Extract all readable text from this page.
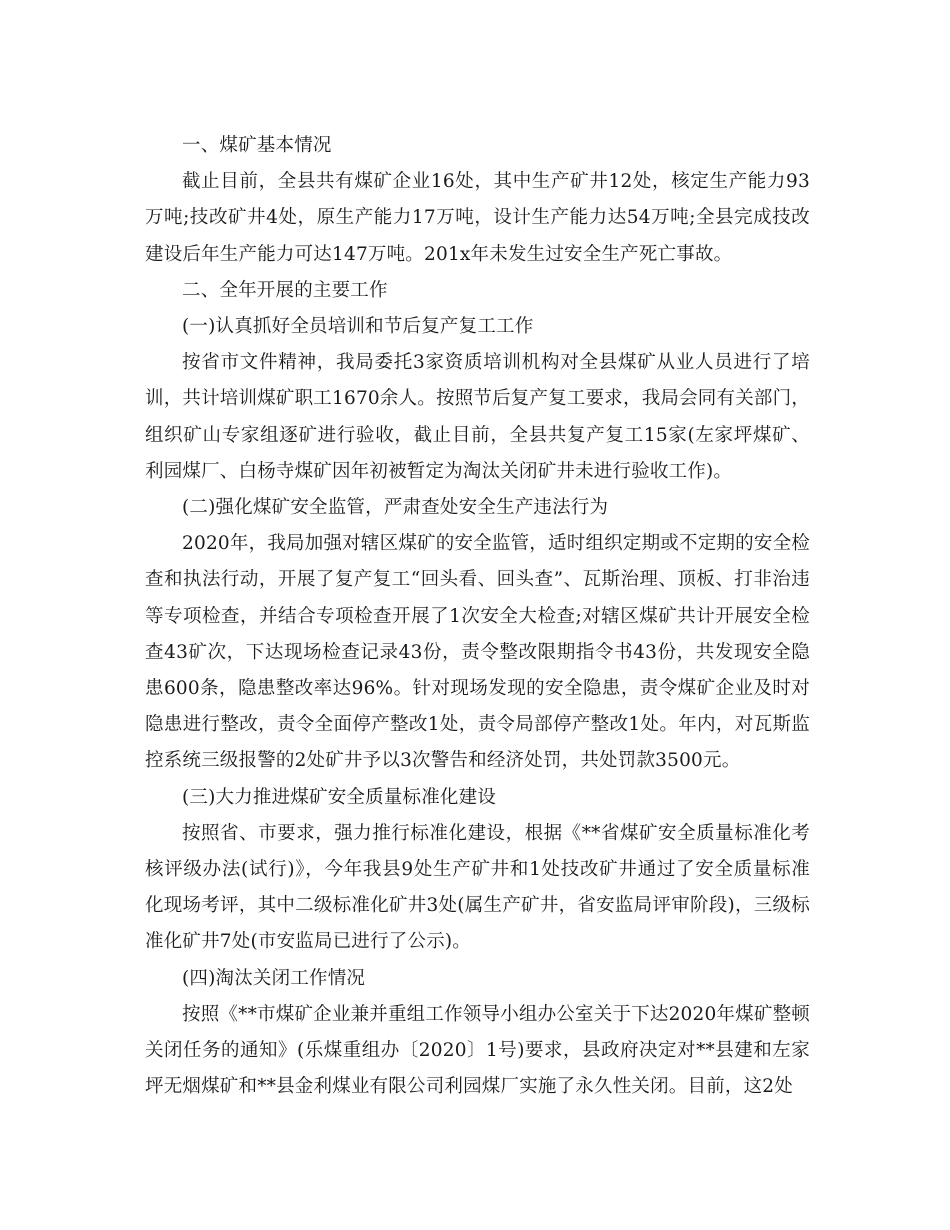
一、煤矿基本情况

截止目前，全县共有煤矿企业16处，其中生产矿井12处，核定生产能力93万吨;技改矿井4处，原生产能力17万吨，设计生产能力达54万吨;全县完成技改建设后年生产能力可达147万吨。201x年未发生过安全生产死亡事故。

二、全年开展的主要工作

(一)认真抓好全员培训和节后复产复工工作

按省市文件精神，我局委托3家资质培训机构对全县煤矿从业人员进行了培训，共计培训煤矿职工1670余人。按照节后复产复工要求，我局会同有关部门，组织矿山专家组逐矿进行验收，截止目前，全县共复产复工15家(左家坪煤矿、利园煤厂、白杨寺煤矿因年初被暂定为淘汰关闭矿井未进行验收工作)。

(二)强化煤矿安全监管，严肃查处安全生产违法行为

2020年，我局加强对辖区煤矿的安全监管，适时组织定期或不定期的安全检查和执法行动，开展了复产复工“回头看、回头查”、瓦斯治理、顶板、打非治违等专项检查，并结合专项检查开展了1次安全大检查;对辖区煤矿共计开展安全检查43矿次，下达现场检查记录43份，责令整改限期指令书43份，共发现安全隐患600条，隐患整改率达96%。针对现场发现的安全隐患，责令煤矿企业及时对隐患进行整改，责令全面停产整改1处，责令局部停产整改1处。年内，对瓦斯监控系统三级报警的2处矿井予以3次警告和经济处罚，共处罚款3500元。

(三)大力推进煤矿安全质量标准化建设

按照省、市要求，强力推行标准化建设，根据《**省煤矿安全质量标准化考核评级办法(试行)》，今年我县9处生产矿井和1处技改矿井通过了安全质量标准化现场考评，其中二级标准化矿井3处(属生产矿井，省安监局评审阶段)，三级标准化矿井7处(市安监局已进行了公示)。

(四)淘汰关闭工作情况

按照《**市煤矿企业兼并重组工作领导小组办公室关于下达2020年煤矿整顿关闭任务的通知》(乐煤重组办〔2020〕1号)要求，县政府决定对**县建和左家坪无烟煤矿和**县金利煤业有限公司利园煤厂实施了永久性关闭。目前，这2处
